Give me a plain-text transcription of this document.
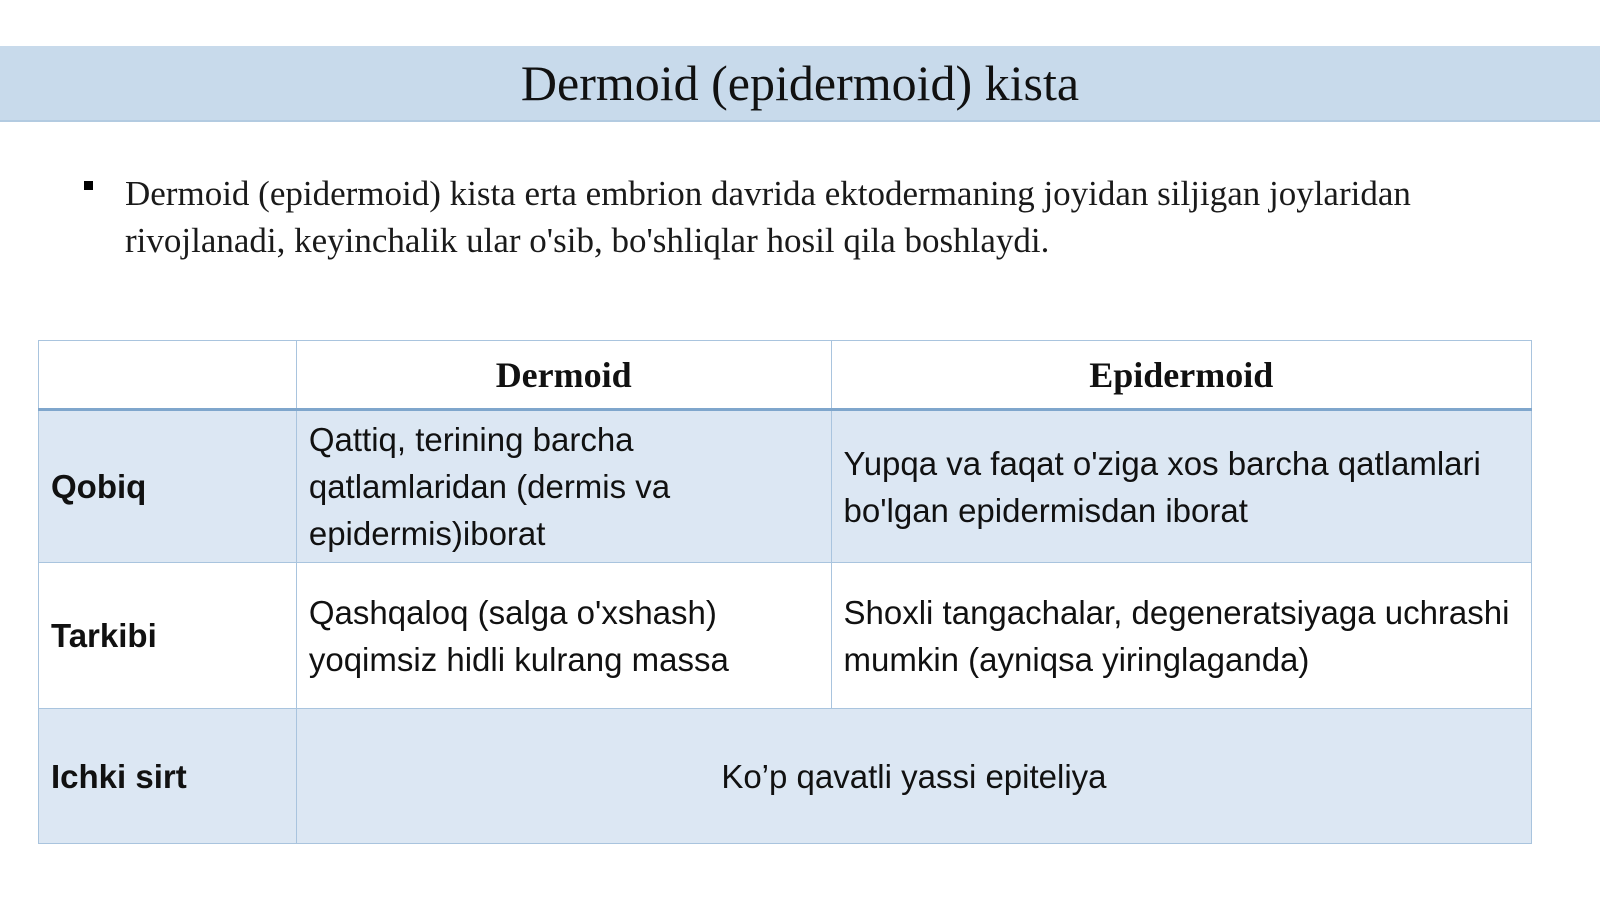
Dermoid (epidermoid) kista
Dermoid (epidermoid) kista erta embrion davrida ektodermaning joyidan siljigan joylaridan rivojlanadi, keyinchalik ular o'sib, bo'shliqlar hosil qila boshlaydi.
	Dermoid	Epidermoid
Qobiq	Qattiq, terining barcha qatlamlaridan (dermis va epidermis)iborat	Yupqa va faqat o'ziga xos barcha qatlamlari bo'lgan epidermisdan iborat
Tarkibi	Qashqaloq (salga o'xshash) yoqimsiz hidli kulrang massa	Shoxli tangachalar, degeneratsiyaga uchrashi mumkin (ayniqsa yiringlaganda)
Ichki sirt	Ko’p qavatli yassi epiteliya	
